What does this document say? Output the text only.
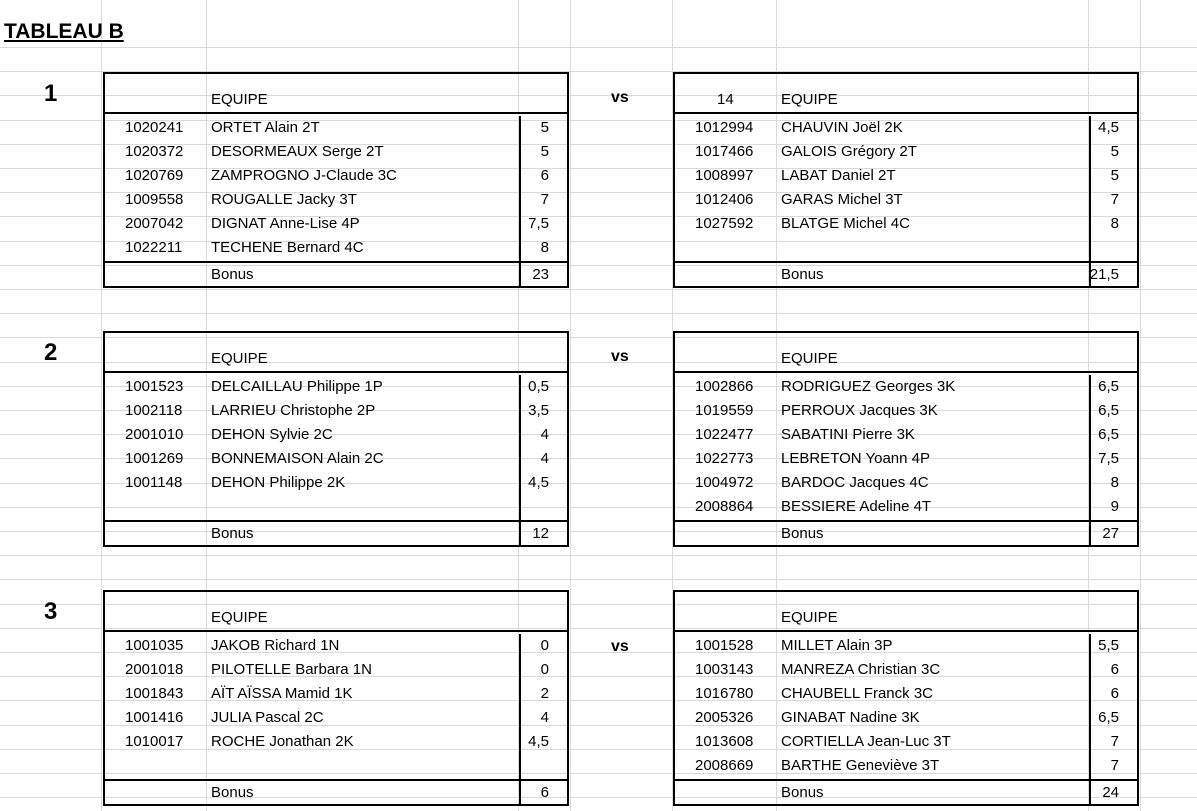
TABLEAU B
1	vs
EQUIPE
1020241 ORTET Alain 2T	5
1020372 DESORMEAUX Serge 2T	5
1020769 ZAMPROGNO J-Claude 3C	6
1009558 ROUGALLE Jacky 3T	7
2007042 DIGNAT Anne-Lise 4P	7,5
1022211 TECHENE Bernard 4C	8
Bonus	23
14	EQUIPE
1012994 CHAUVIN Joël 2K	4,5
1017466 GALOIS Grégory 2T	5
1008997 LABAT Daniel 2T	5
1012406 GARAS Michel 3T	7
1027592 BLATGE Michel 4C	8
Bonus	21,5
2	vs
EQUIPE
1001523 DELCAILLAU Philippe 1P	0,5
1002118 LARRIEU Christophe 2P	3,5
2001010 DEHON Sylvie 2C	4
1001269 BONNEMAISON Alain 2C	4
1001148 DEHON Philippe 2K	4,5
Bonus	12
EQUIPE
1002866 RODRIGUEZ Georges 3K	6,5
1019559 PERROUX Jacques 3K	6,5
1022477 SABATINI Pierre 3K	6,5
1022773 LEBRETON Yoann 4P	7,5
1004972 BARDOC Jacques 4C	8
2008864 BESSIERE Adeline 4T	9
Bonus	27
3
vs
EQUIPE
1001035 JAKOB Richard 1N	0
2001018 PILOTELLE Barbara 1N	0
1001843 AÏT AÏSSA Mamid 1K	2
1001416 JULIA Pascal 2C	4
1010017 ROCHE Jonathan 2K	4,5
Bonus	6
EQUIPE
1001528 MILLET Alain 3P	5,5
1003143 MANREZA Christian 3C	6
1016780 CHAUBELL Franck 3C	6
2005326 GINABAT Nadine 3K	6,5
1013608 CORTIELLA Jean-Luc 3T	7
2008669 BARTHE Geneviève 3T	7
Bonus	24
